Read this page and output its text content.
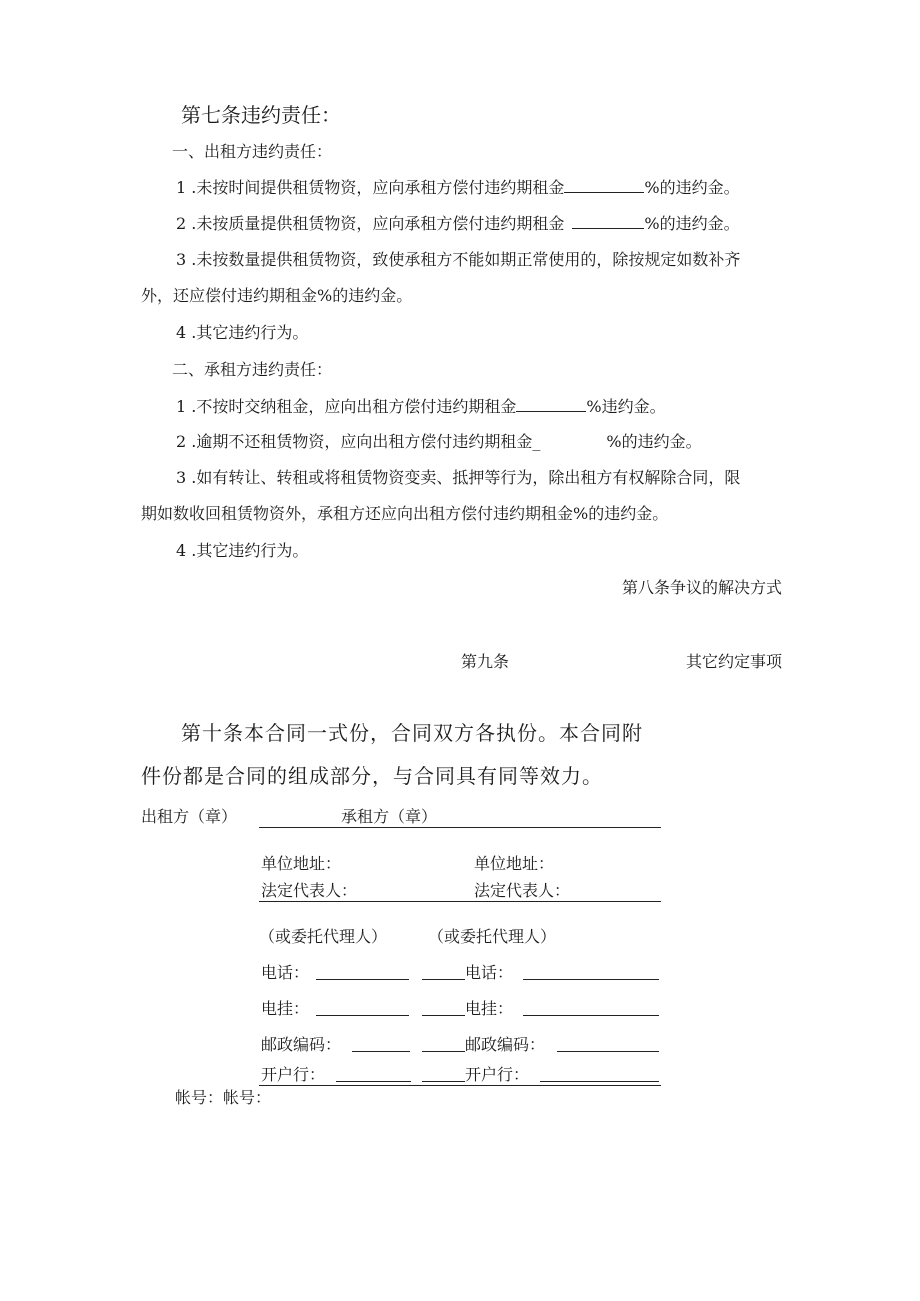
第七条违约责任：
一、出租方违约责任：
1 .未按时间提供租赁物资，应向承租方偿付违约期租金	%的违约金。
2 .未按质量提供租赁物资，应向承租方偿付违约期租金	%的违约金。
3 .未按数量提供租赁物资，致使承租方不能如期正常使用的，除按规定如数补齐
外，还应偿付违约期租金%的违约金。
4 .其它违约行为。
二、承租方违约责任：
1 .不按时交纳租金，应向出租方偿付违约期租金	%违约金。
2 .逾期不还租赁物资，应向出租方偿付违约期租金_	%的违约金。
3 .如有转让、转租或将租赁物资变卖、抵押等行为，除出租方有权解除合同，限
期如数收回租赁物资外，承租方还应向出租方偿付违约期租金%的违约金。
4 .其它违约行为。
第八条争议的解决方式
第九条	其它约定事项
第十条本合同一式份，合同双方各执份。本合同附
件份都是合同的组成部分，与合同具有同等效力。
出租方（章）	承租方（章）
单位地址：	单位地址：
法定代表人：	法定代表人：
（或委托代理人）	（或委托代理人）
电话：	电话：
电挂：	电挂：
邮政编码：	邮政编码：
开户行：	开户行：
帐号：帐号：
